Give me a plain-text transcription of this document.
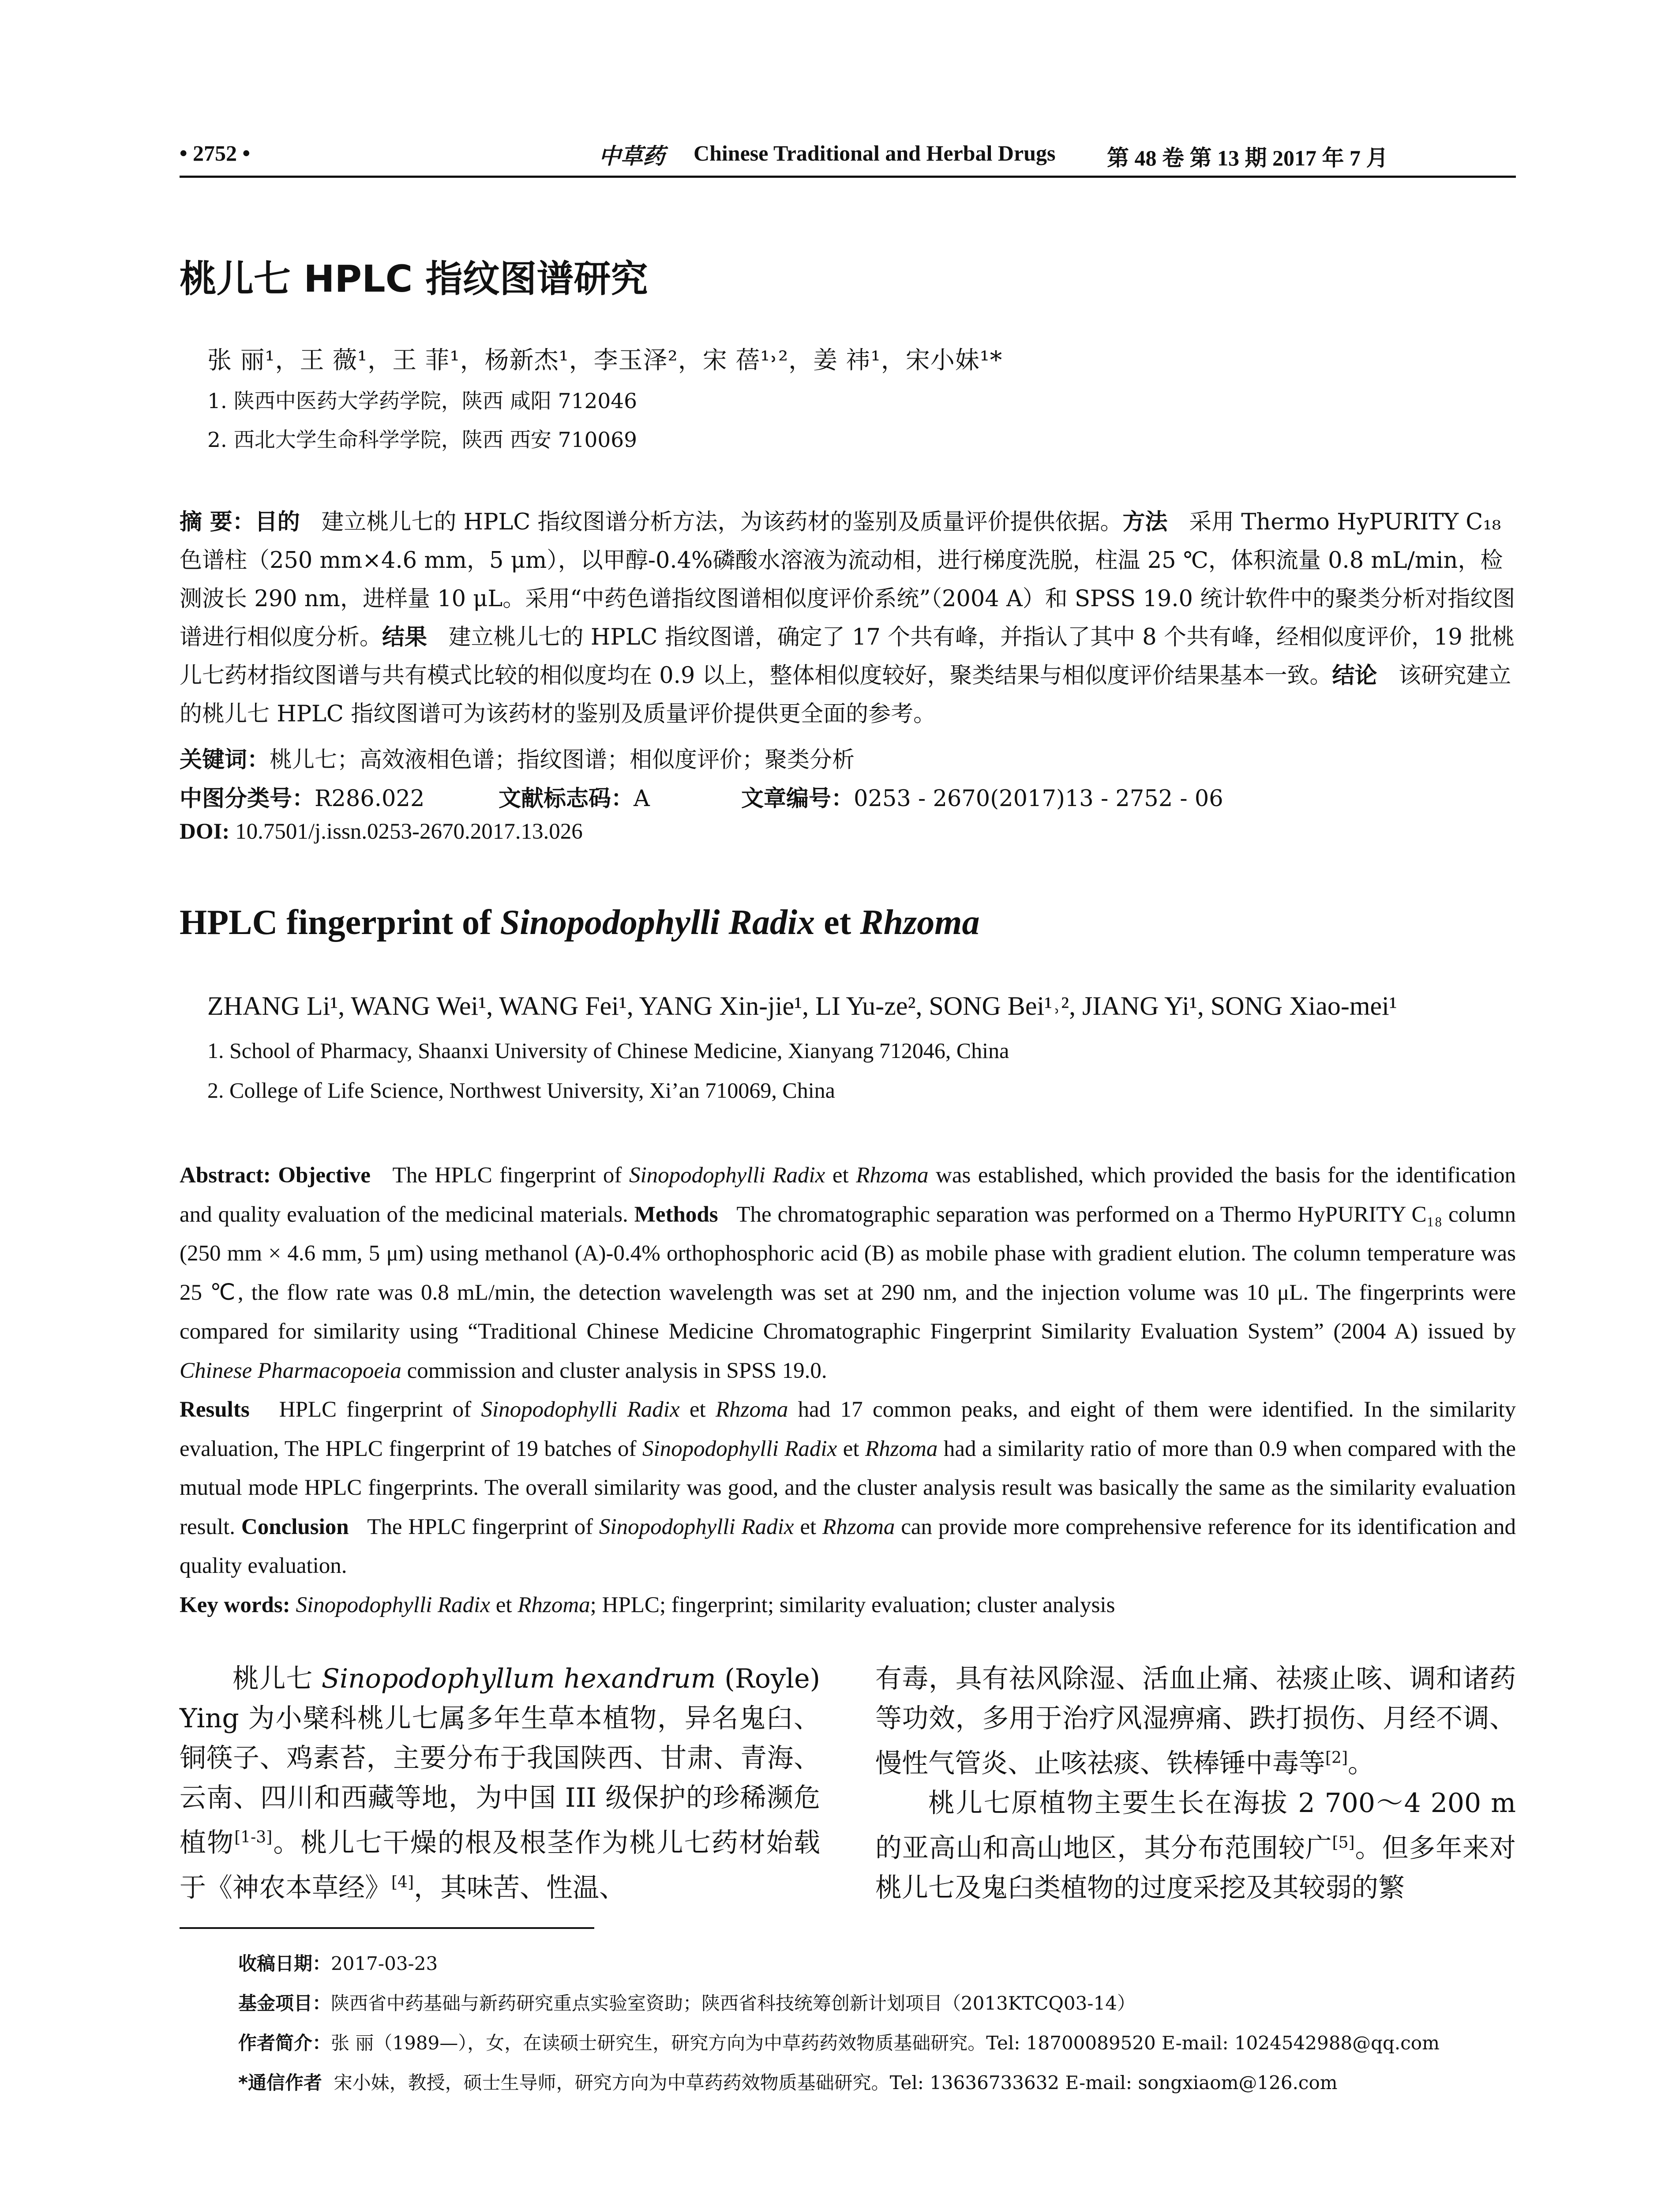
• 2752 •	中草药 Chinese Traditional and Herbal Drugs 第 48 卷 第 13 期 2017 年 7 月
桃儿七 HPLC 指纹图谱研究
张 丽¹，王 薇¹，王 菲¹，杨新杰¹，李玉泽²，宋 蓓¹˒²，姜 祎¹，宋小妹¹*
1. 陕西中医药大学药学院，陕西 咸阳 712046
2. 西北大学生命科学学院，陕西 西安 710069
摘 要：目的 建立桃儿七的 HPLC 指纹图谱分析方法，为该药材的鉴别及质量评价提供依据。方法 采用 Thermo HyPURITY C₁₈ 色谱柱（250 mm×4.6 mm，5 μm），以甲醇-0.4%磷酸水溶液为流动相，进行梯度洗脱，柱温 25 ℃，体积流量 0.8 mL/min，检测波长 290 nm，进样量 10 μL。采用“中药色谱指纹图谱相似度评价系统”（2004 A）和 SPSS 19.0 统计软件中的聚类分析对指纹图谱进行相似度分析。结果 建立桃儿七的 HPLC 指纹图谱，确定了 17 个共有峰，并指认了其中 8 个共有峰，经相似度评价，19 批桃儿七药材指纹图谱与共有模式比较的相似度均在 0.9 以上，整体相似度较好，聚类结果与相似度评价结果基本一致。结论 该研究建立的桃儿七 HPLC 指纹图谱可为该药材的鉴别及质量评价提供更全面的参考。
关键词：桃儿七；高效液相色谱；指纹图谱；相似度评价；聚类分析
中图分类号：R286.022	文献标志码：A	文章编号：0253 - 2670(2017)13 - 2752 - 06
DOI: 10.7501/j.issn.0253-2670.2017.13.026
HPLC fingerprint of Sinopodophylli Radix et Rhzoma
ZHANG Li¹, WANG Wei¹, WANG Fei¹, YANG Xin-jie¹, LI Yu-ze², SONG Bei¹˒², JIANG Yi¹, SONG Xiao-mei¹
1. School of Pharmacy, Shaanxi University of Chinese Medicine, Xianyang 712046, China
2. College of Life Science, Northwest University, Xi’an 710069, China
Abstract: Objective The HPLC fingerprint of Sinopodophylli Radix et Rhzoma was established, which provided the basis for the identification and quality evaluation of the medicinal materials. Methods The chromatographic separation was performed on a Thermo HyPURITY C₁₈ column (250 mm × 4.6 mm, 5 μm) using methanol (A)-0.4% orthophosphoric acid (B) as mobile phase with gradient elution. The column temperature was 25 ℃, the flow rate was 0.8 mL/min, the detection wavelength was set at 290 nm, and the injection volume was 10 μL. The fingerprints were compared for similarity using “Traditional Chinese Medicine Chromatographic Fingerprint Similarity Evaluation System” (2004 A) issued by Chinese Pharmacopoeia commission and cluster analysis in SPSS 19.0.
Results HPLC fingerprint of Sinopodophylli Radix et Rhzoma had 17 common peaks, and eight of them were identified. In the similarity evaluation, The HPLC fingerprint of 19 batches of Sinopodophylli Radix et Rhzoma had a similarity ratio of more than 0.9 when compared with the mutual mode HPLC fingerprints. The overall similarity was good, and the cluster analysis result was basically the same as the similarity evaluation result. Conclusion The HPLC fingerprint of Sinopodophylli Radix et Rhzoma can provide more comprehensive reference for its identification and quality evaluation.
Key words: Sinopodophylli Radix et Rhzoma; HPLC; fingerprint; similarity evaluation; cluster analysis
桃儿七 Sinopodophyllum hexandrum (Royle) Ying 为小檗科桃儿七属多年生草本植物，异名鬼臼、铜筷子、鸡素苔，主要分布于我国陕西、甘肃、青海、云南、四川和西藏等地，为中国 III 级保护的珍稀濒危植物[1-3]。桃儿七干燥的根及根茎作为桃儿七药材始载于《神农本草经》[4]，其味苦、性温、
有毒，具有祛风除湿、活血止痛、祛痰止咳、调和诸药等功效，多用于治疗风湿痹痛、跌打损伤、月经不调、慢性气管炎、止咳祛痰、铁棒锤中毒等[2]。
桃儿七原植物主要生长在海拔 2 700～4 200 m 的亚高山和高山地区，其分布范围较广[5]。但多年来对桃儿七及鬼臼类植物的过度采挖及其较弱的繁
收稿日期：2017-03-23
基金项目：陕西省中药基础与新药研究重点实验室资助；陕西省科技统筹创新计划项目（2013KTCQ03-14）
作者简介：张 丽（1989—），女，在读硕士研究生，研究方向为中草药药效物质基础研究。Tel: 18700089520 E-mail: 1024542988@qq.com
*通信作者 宋小妹，教授，硕士生导师，研究方向为中草药药效物质基础研究。Tel: 13636733632 E-mail: songxiaom@126.com
